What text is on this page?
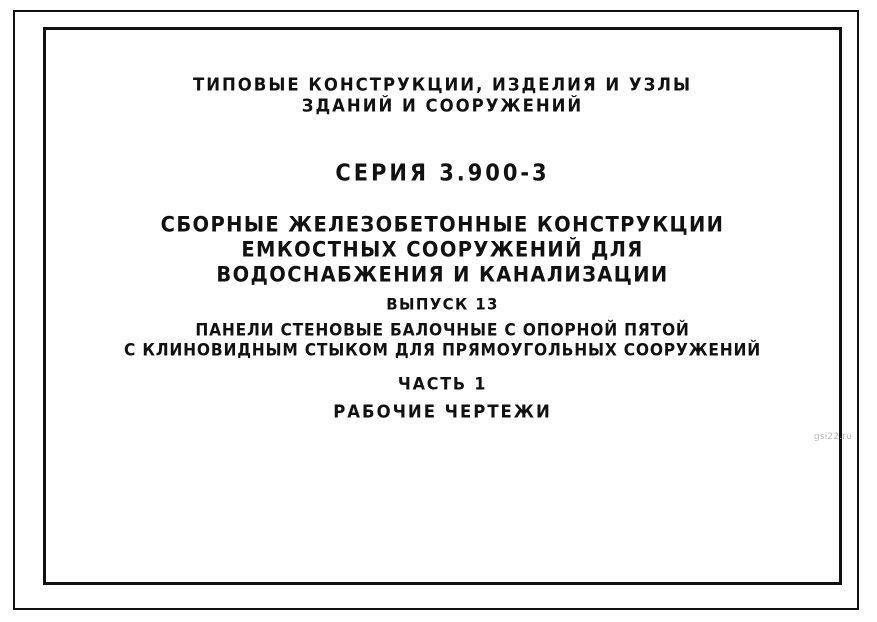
ТИПОВЫЕ КОНСТРУКЦИИ, ИЗДЕЛИЯ И УЗЛЫ
ЗДАНИЙ И СООРУЖЕНИЙ
СЕРИЯ 3.900-3
СБОРНЫЕ ЖЕЛЕЗОБЕТОННЫЕ КОНСТРУКЦИИ
ЕМКОСТНЫХ СООРУЖЕНИЙ ДЛЯ
ВОДОСНАБЖЕНИЯ И КАНАЛИЗАЦИИ
ВЫПУСК 13
ПАНЕЛИ СТЕНОВЫЕ БАЛОЧНЫЕ С ОПОРНОЙ ПЯТОЙ
С КЛИНОВИДНЫМ СТЫКОМ ДЛЯ ПРЯМОУГОЛЬНЫХ СООРУЖЕНИЙ
ЧАСТЬ 1
РАБОЧИЕ ЧЕРТЕЖИ
gsi22.ru
